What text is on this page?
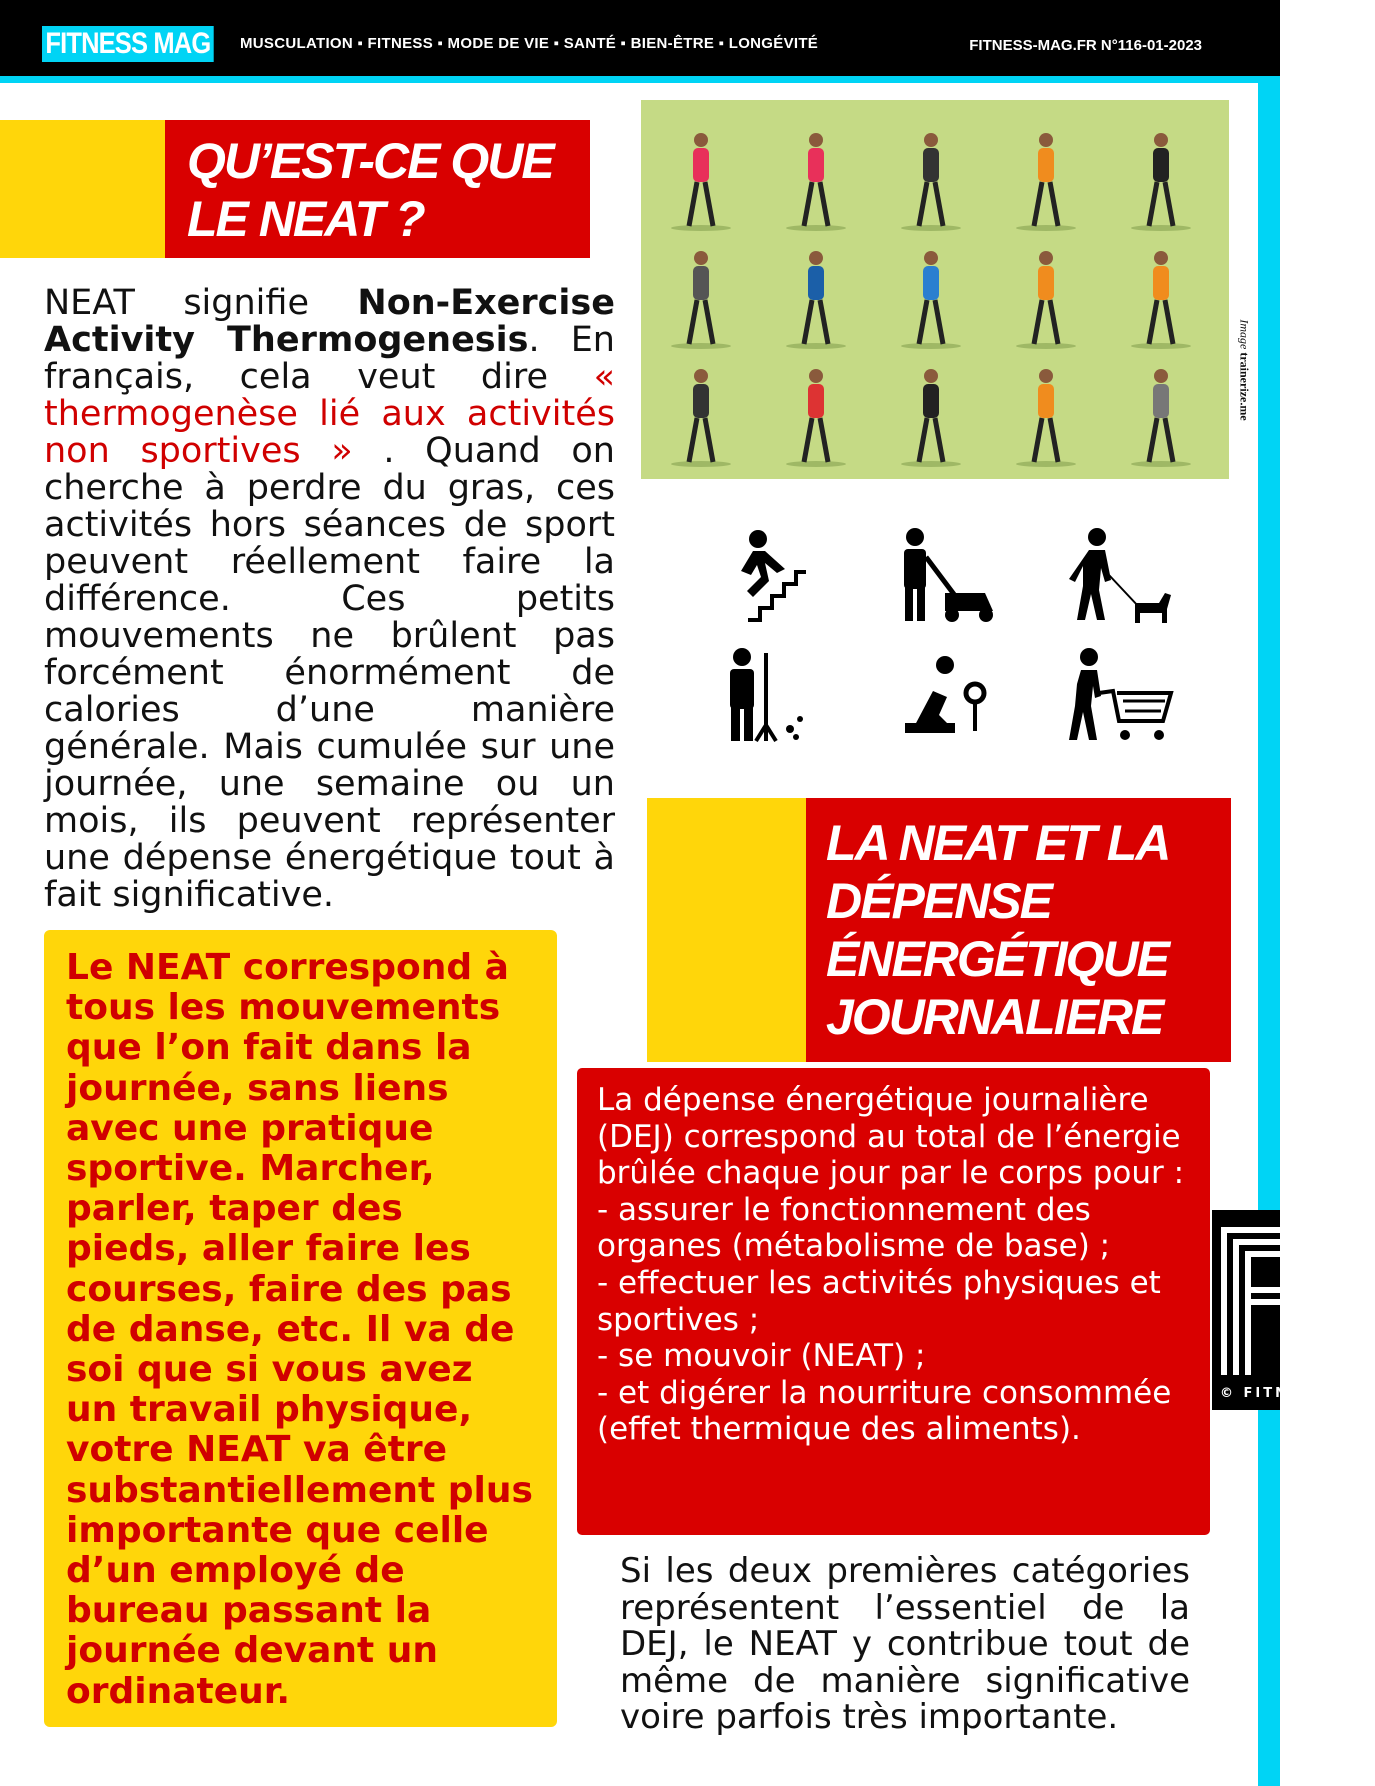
FITNESS MAG MUSCULATION ▪ FITNESS ▪ MODE DE VIE ▪ SANTÉ ▪ BIEN-ÊTRE ▪ LONGÉVITÉ	FITNESS-MAG.FR N°116-01-2023
QU’EST-CE QUE LE NEAT ?
NEAT signifie Non-Exercise Activity Thermogenesis. En français, cela veut dire « thermogenèse lié aux activités non sportives » . Quand on cherche à perdre du gras, ces activités hors séances de sport peuvent réellement faire la différence. Ces petits mouvements ne brûlent pas forcément énormément de calories d’une manière générale. Mais cumulée sur une journée, une semaine ou un mois, ils peuvent représenter une dépense énergétique tout à fait significative.
Le NEAT correspond à tous les mouvements que l’on fait dans la journée, sans liens avec une pratique sportive. Marcher, parler, taper des pieds, aller faire les courses, faire des pas de danse, etc. Il va de soi que si vous avez un travail physique, votre NEAT va être substantiellement plus importante que celle d’un employé de bureau passant la journée devant un ordinateur.
Image trainerize.me
LA NEAT ET LA DÉPENSE ÉNERGÉTIQUE JOURNALIERE
La dépense énergétique journalière (DEJ) correspond au total de l’énergie brûlée chaque jour par le corps pour :
- assurer le fonctionnement des organes (métabolisme de base) ;
- effectuer les activités physiques et sportives ;
- se mouvoir (NEAT) ;
- et digérer la nourriture consommée (effet thermique des aliments).
Si les deux premières catégories représentent l’essentiel de la DEJ, le NEAT y contribue tout de même de manière significative voire parfois très importante.
© FITNESS MAG
